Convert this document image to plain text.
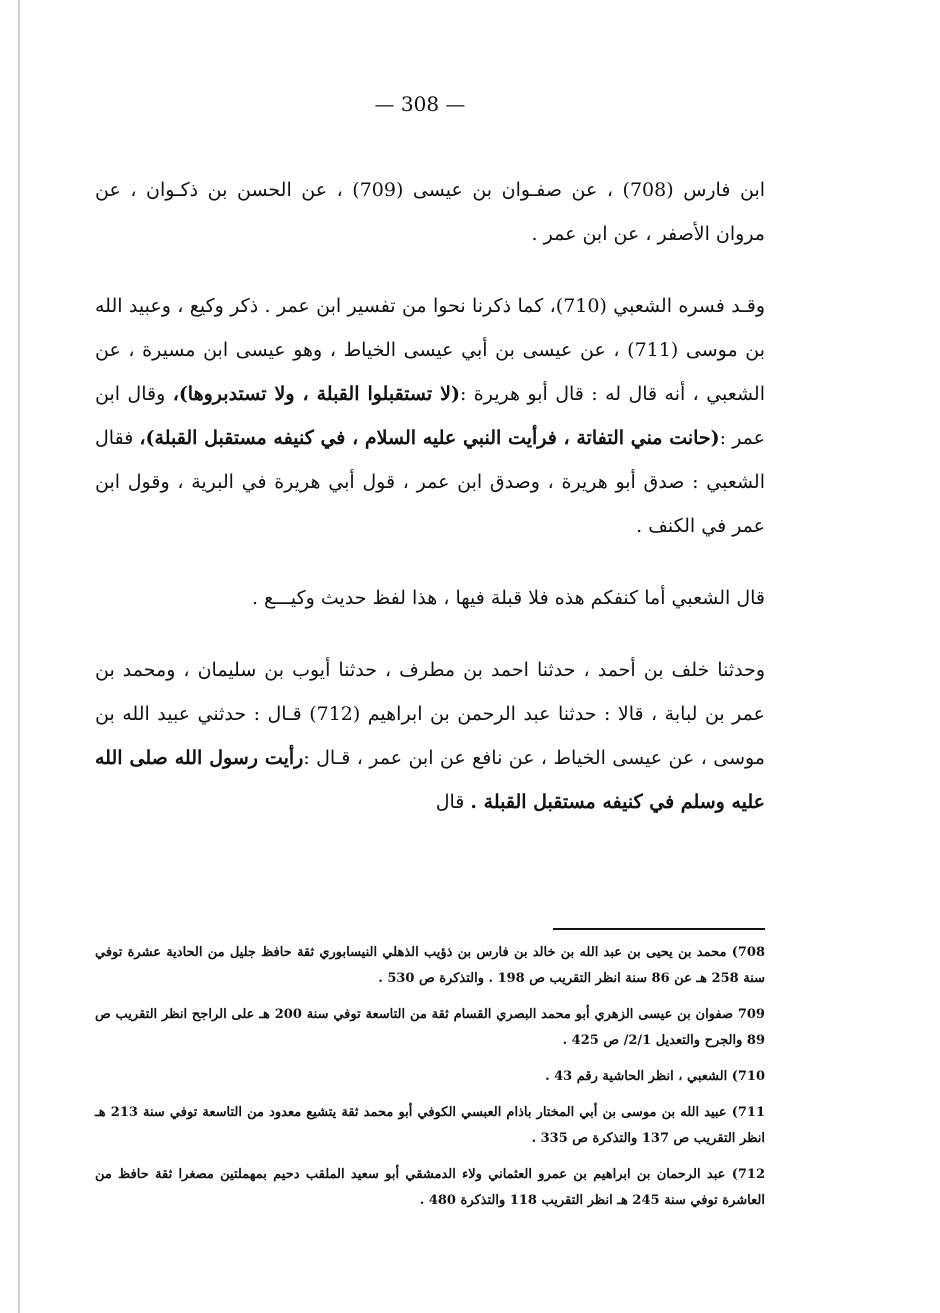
— 308 —

ابن فارس (708) ، عن صفـوان بن عيسى (709) ، عن الحسن بن ذكـوان ، عن مروان الأصفر ، عن ابن عمر .

وقـد فسره الشعبي (710)، كما ذكرنا نحوا من تفسير ابن عمر . ذكر وكيع ، وعبيد الله بن موسى (711) ، عن عيسى بن أبي عيسى الخياط ، وهو عيسى ابن مسيرة ، عن الشعبي ، أنه قال له : قال أبو هريرة :(لا تستقبلوا القبلة ، ولا تستدبروها)، وقال ابن عمر :(حانت مني التفاتة ، فرأيت النبي عليه السلام ، في كنيفه مستقبل القبلة)، فقال الشعبي : صدق أبو هريرة ، وصدق ابن عمر ، قول أبي هريرة في البرية ، وقول ابن عمر في الكنف .

قال الشعبي أما كنفكم هذه فلا قبلة فيها ، هذا لفظ حديث وكيـــع .

وحدثنا خلف بن أحمد ، حدثنا احمد بن مطرف ، حدثنا أيوب بن سليمان ، ومحمد بن عمر بن لبابة ، قالا : حدثنا عبد الرحمن بن ابراهيم (712) قـال : حدثني عبيد الله بن موسى ، عن عيسى الخياط ، عن نافع عن ابن عمر ، قـال :رأيت رسول الله صلى الله عليه وسلم في كنيفه مستقبل القبلة . قال

708) محمد بن يحيى بن عبد الله بن خالد بن فارس بن ذؤيب الذهلي النيسابوري ثقة حافظ جليل من الحادية عشرة توفي سنة 258 هـ عن 86 سنة انظر التقريب ص 198 . والتذكرة ص 530 .

709 صفوان بن عيسى الزهري أبو محمد البصري القسام ثقة من التاسعة توفي سنة 200 هـ على الراجح انظر التقريب ص 89 والجرح والتعديل 2/1/ ص 425 .

710) الشعبي ، انظر الحاشية رقم 43 .

711) عبيد الله بن موسى بن أبي المختار باذام العبسي الكوفي أبو محمد ثقة يتشيع معدود من التاسعة توفي سنة 213 هـ انظر التقريب ص 137 والتذكرة ص 335 .

712) عبد الرحمان بن ابراهيم بن عمرو العثماني ولاء الدمشقي أبو سعيد الملقب دحيم بمهملتين مصغرا ثقة حافظ من العاشرة توفي سنة 245 هـ انظر التقريب 118 والتذكرة 480 .
